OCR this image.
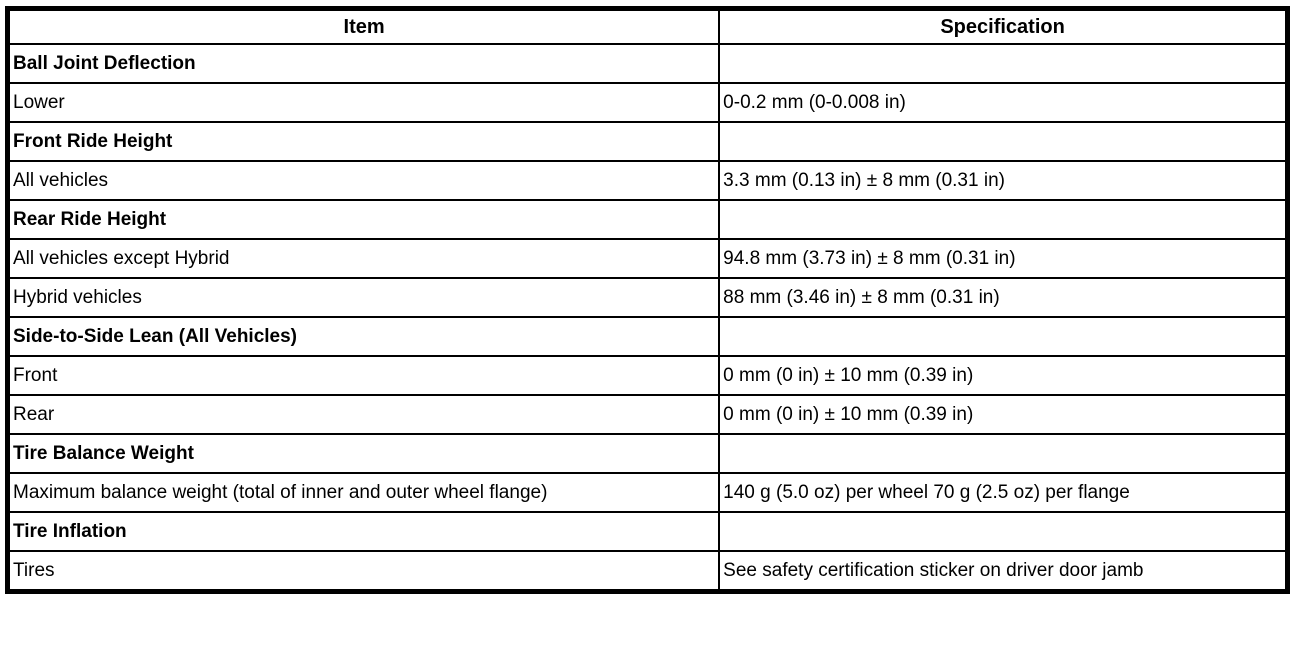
Item	Specification
Ball Joint Deflection	
Lower	0-0.2 mm (0-0.008 in)
Front Ride Height	
All vehicles	3.3 mm (0.13 in) ± 8 mm (0.31 in)
Rear Ride Height	
All vehicles except Hybrid	94.8 mm (3.73 in) ± 8 mm (0.31 in)
Hybrid vehicles	88 mm (3.46 in) ± 8 mm (0.31 in)
Side-to-Side Lean (All Vehicles)	
Front	0 mm (0 in) ± 10 mm (0.39 in)
Rear	0 mm (0 in) ± 10 mm (0.39 in)
Tire Balance Weight	
Maximum balance weight (total of inner and outer wheel flange)	140 g (5.0 oz) per wheel 70 g (2.5 oz) per flange
Tire Inflation	
Tires	See safety certification sticker on driver door jamb
